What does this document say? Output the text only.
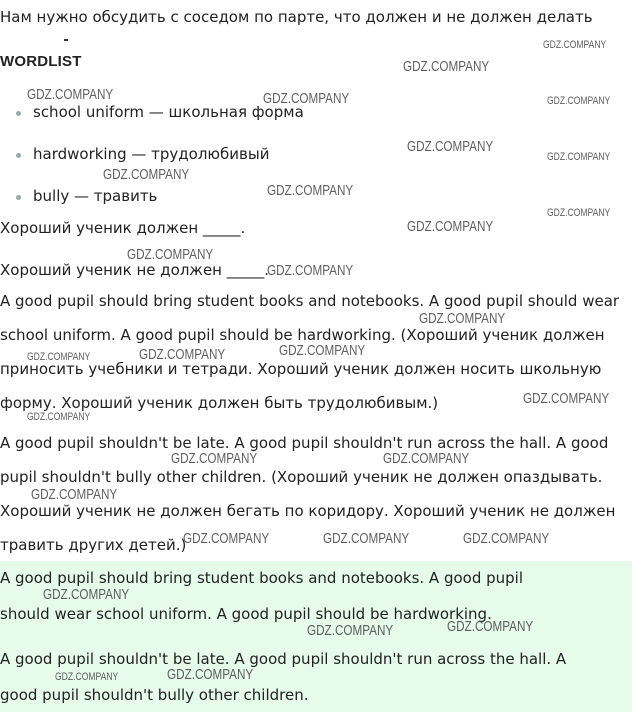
Нам нужно обсудить с соседом по парте, что должен и не должен делать
WORDLIST
school uniform — школьная форма
hardworking — трудолюбивый
bully — травить
Хороший ученик должен _____.
Хороший ученик не должен _____.
A good pupil should bring student books and notebooks. A good pupil should wear
school uniform. A good pupil should be hardworking. (Хороший ученик должен
приносить учебники и тетради. Хороший ученик должен носить школьную
форму. Хороший ученик должен быть трудолюбивым.)
A good pupil shouldn't be late. A good pupil shouldn't run across the hall. A good
pupil shouldn't bully other children. (Хороший ученик не должен опаздывать.
Хороший ученик не должен бегать по коридору. Хороший ученик не должен
травить других детей.)
A good pupil should bring student books and notebooks. A good pupil
should wear school uniform. A good pupil should be hardworking.
A good pupil shouldn't be late. A good pupil shouldn't run across the hall. A
good pupil shouldn't bully other children.
GDZ.COMPANY
GDZ.COMPANY
GDZ.COMPANY	GDZ.COMPANY	GDZ.COMPANY
GDZ.COMPANY
GDZ.COMPANY
GDZ.COMPANY
GDZ.COMPANY
GDZ.COMPANY
GDZ.COMPANY
GDZ.COMPANY
GDZ.COMPANY
GDZ.COMPANY
GDZ.COMPANY	GDZ.COMPANY	GDZ.COMPANY
GDZ.COMPANY
GDZ.COMPANY
GDZ.COMPANY	GDZ.COMPANY
GDZ.COMPANY
GDZ.COMPANY	GDZ.COMPANY	GDZ.COMPANY
GDZ.COMPANY
GDZ.COMPANY	GDZ.COMPANY
GDZ.COMPANY	GDZ.COMPANY
